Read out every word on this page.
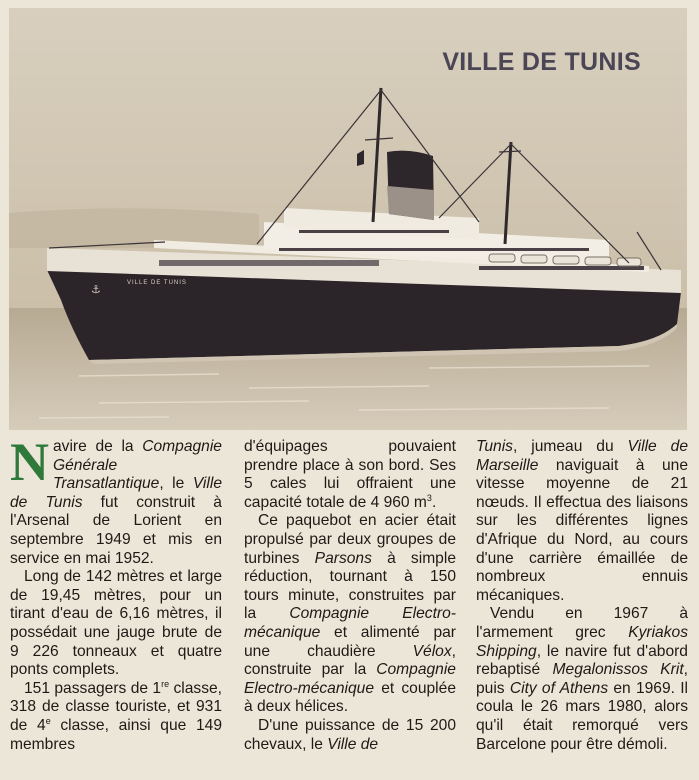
VILLE DE TUNIS
⚓
VILLE DE TUNIS

Navire de la Compagnie Générale Transatlantique, le Ville de Tunis fut construit à l'Arsenal de Lorient en septembre 1949 et mis en service en mai 1952.

Long de 142 mètres et large de 19,45 mètres, pour un tirant d'eau de 6,16 mètres, il possédait une jauge brute de 9 226 tonneaux et quatre ponts complets.

151 passagers de 1re classe, 318 de classe touriste, et 931 de 4e classe, ainsi que 149 membres

d'équipages pouvaient prendre place à son bord. Ses 5 cales lui offraient une capacité totale de 4 960 $m^3$.

Ce paquebot en acier était propulsé par deux groupes de turbines Parsons à simple réduction, tournant à 150 tours minute, construites par la Compagnie Electro-mécanique et alimenté par une chaudière Vélox, construite par la Compagnie Electro-mécanique et couplée à deux hélices.

D'une puissance de 15 200 chevaux, le Ville de

Tunis, jumeau du Ville de Marseille naviguait à une vitesse moyenne de 21 nœuds. Il effectua des liaisons sur les différentes lignes d'Afrique du Nord, au cours d'une carrière émaillée de nombreux ennuis mécaniques.

Vendu en 1967 à l'armement grec Kyriakos Shipping, le navire fut d'abord rebaptisé Megalonissos Krit, puis City of Athens en 1969. Il coula le 26 mars 1980, alors qu'il était remorqué vers Barcelone pour être démoli.
